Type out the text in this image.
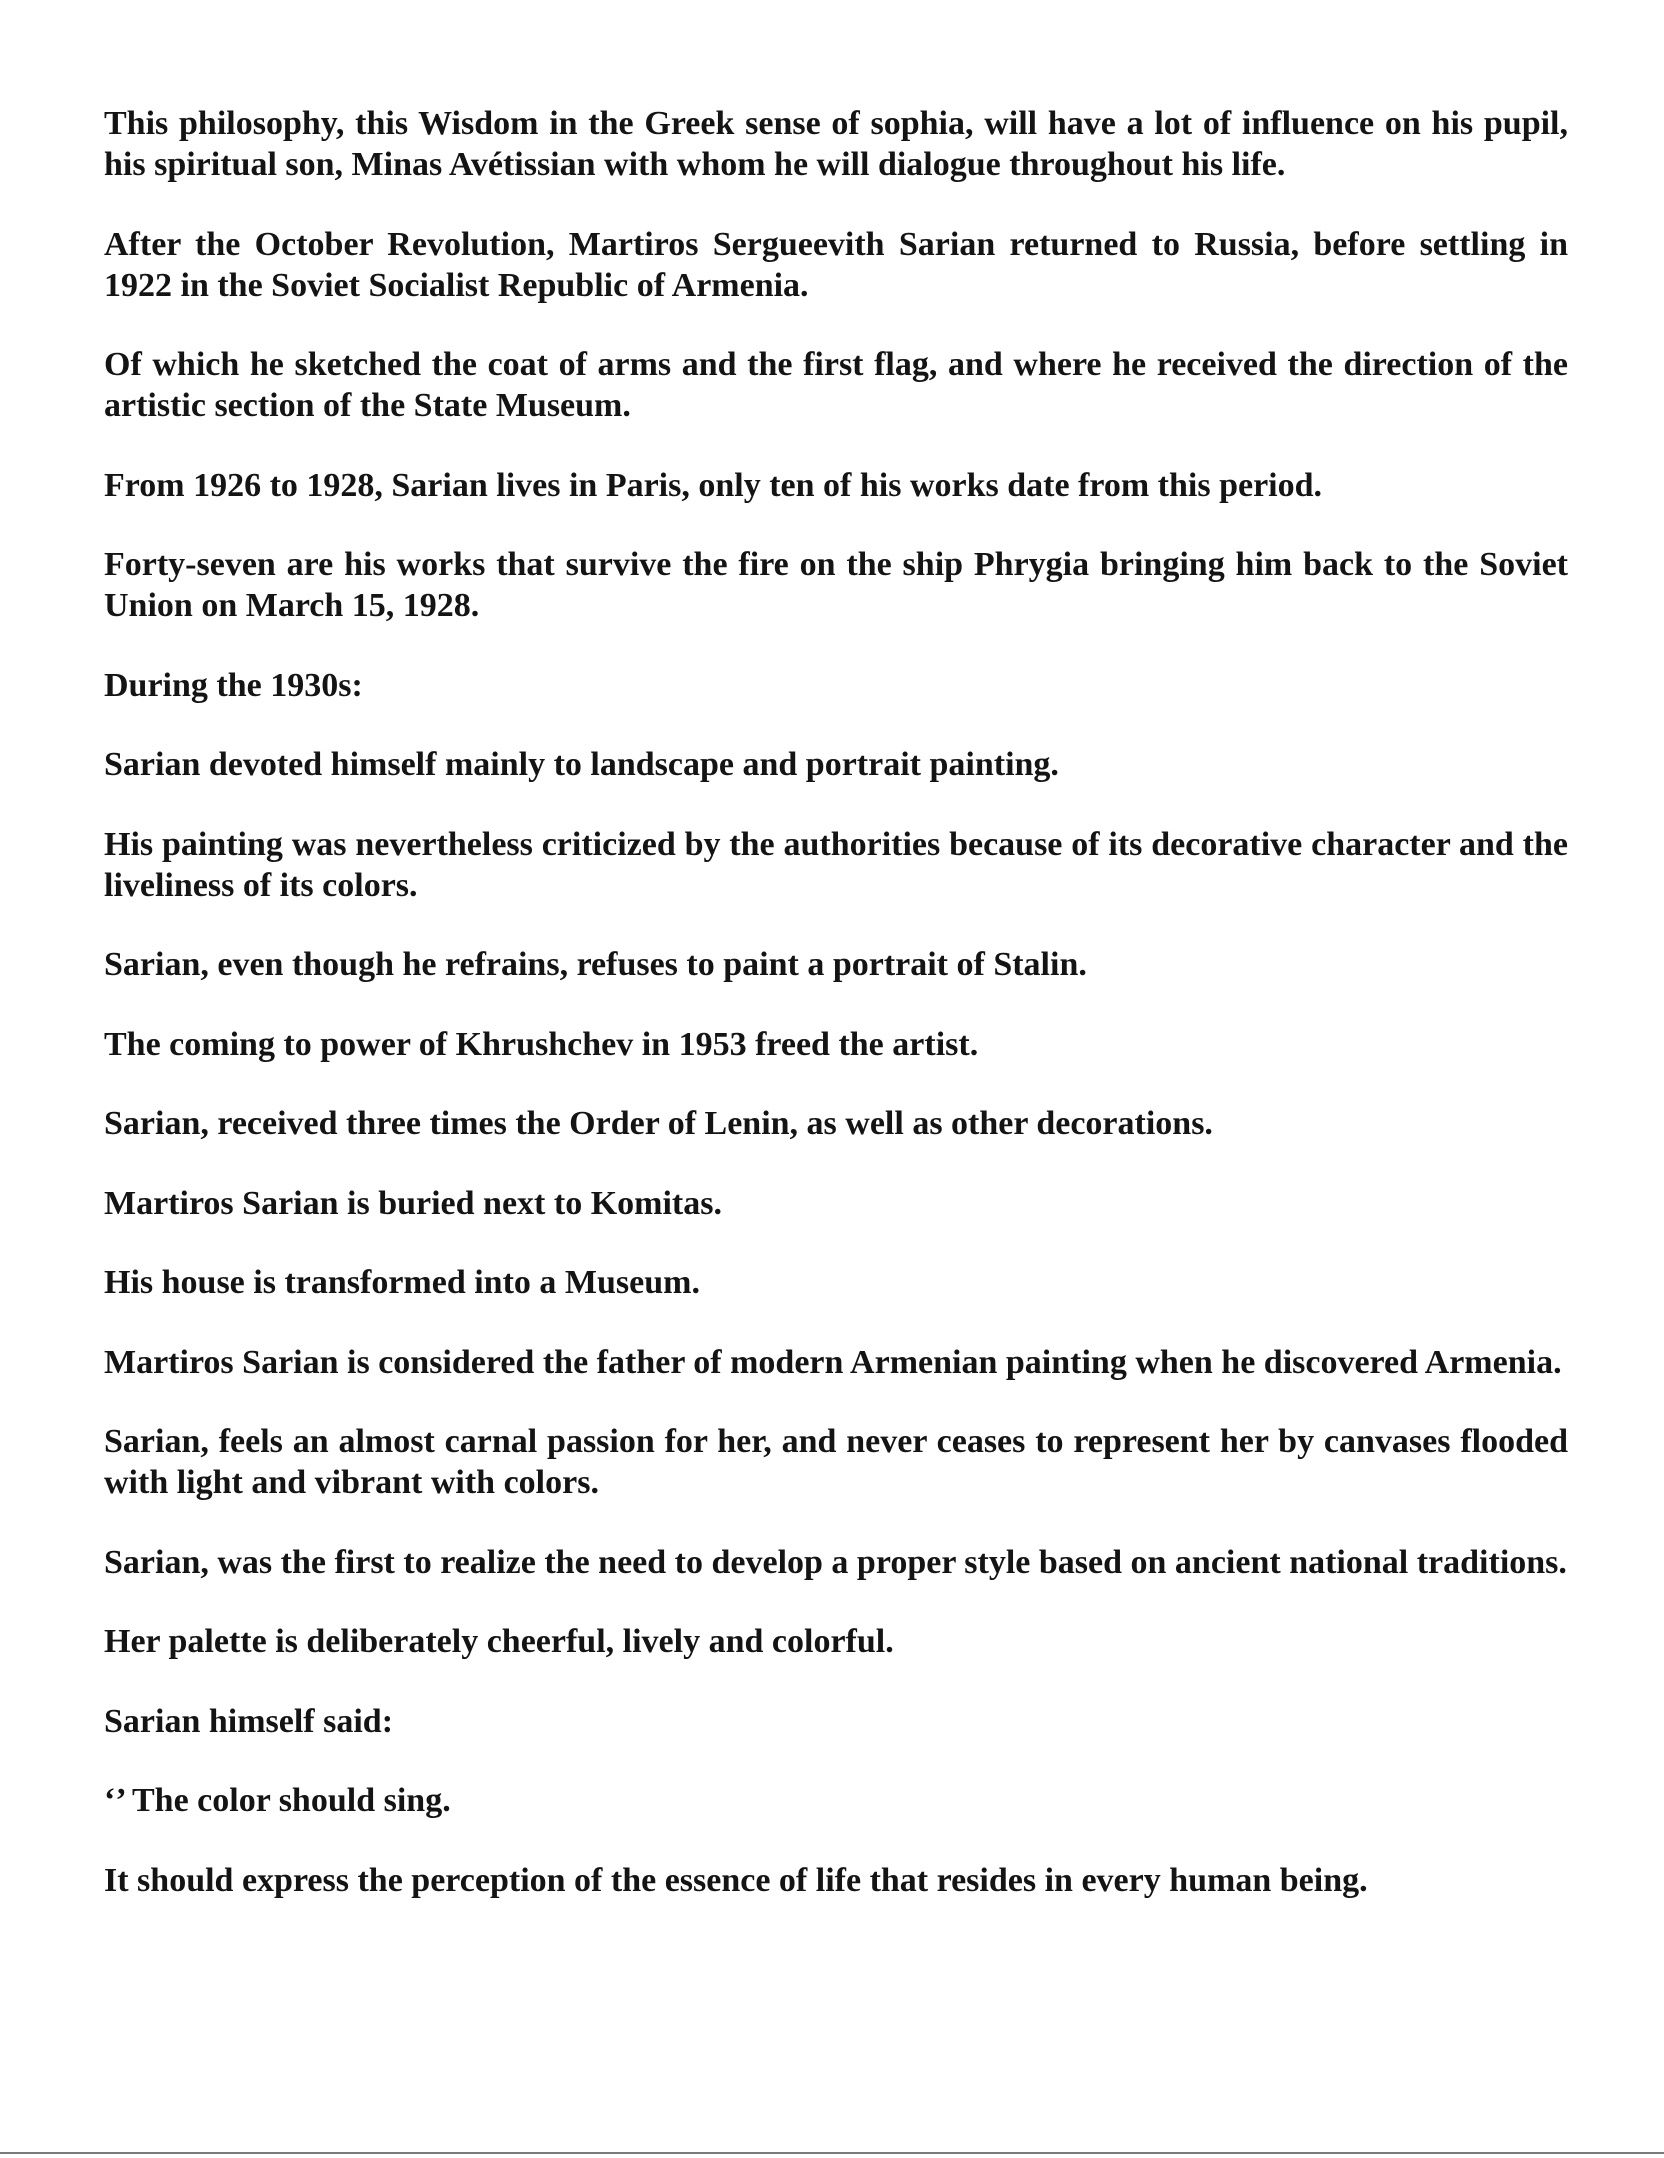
This philosophy, this Wisdom in the Greek sense of sophia, will have a lot of influence on his pupil, his spiritual son, Minas Avétissian with whom he will dialogue throughout his life.

After the October Revolution, Martiros Sergueevith Sarian returned to Russia, before settling in 1922 in the Soviet Socialist Republic of Armenia.

Of which he sketched the coat of arms and the first flag, and where he received the direction of the artistic section of the State Museum.

From 1926 to 1928, Sarian lives in Paris, only ten of his works date from this period.

Forty-seven are his works that survive the fire on the ship Phrygia bringing him back to the Soviet Union on March 15, 1928.

During the 1930s:

Sarian devoted himself mainly to landscape and portrait painting.

His painting was nevertheless criticized by the authorities because of its decorative character and the liveliness of its colors.

Sarian, even though he refrains, refuses to paint a portrait of Stalin.

The coming to power of Khrushchev in 1953 freed the artist.

Sarian, received three times the Order of Lenin, as well as other decorations.

Martiros Sarian is buried next to Komitas.

His house is transformed into a Museum.

Martiros Sarian is considered the father of modern Armenian painting when he discovered Armenia.

Sarian, feels an almost carnal passion for her, and never ceases to represent her by canvases flooded with light and vibrant with colors.

Sarian, was the first to realize the need to develop a proper style based on ancient national traditions.

Her palette is deliberately cheerful, lively and colorful.

Sarian himself said:

‘’ The color should sing.

It should express the perception of the essence of life that resides in every human being.
